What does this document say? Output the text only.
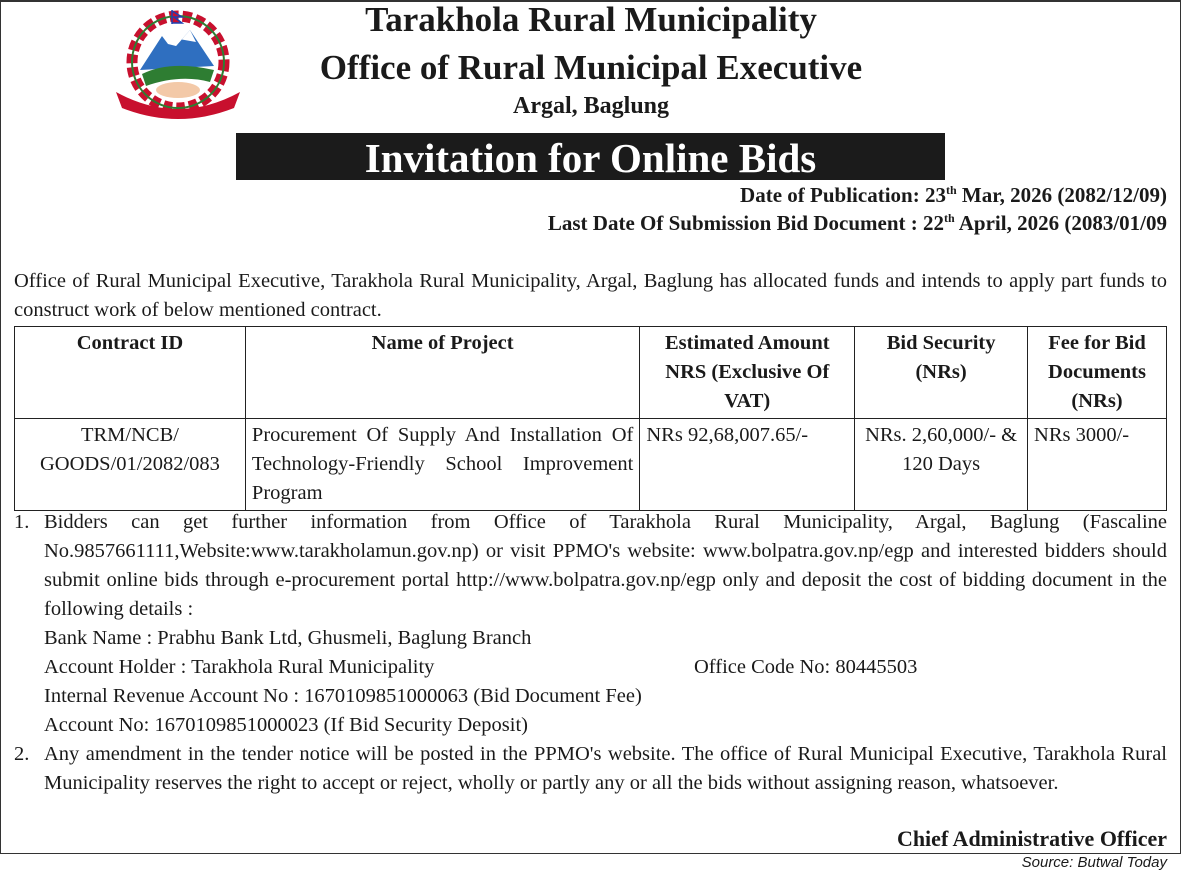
Tarakhola Rural Municipality
Office of Rural Municipal Executive
Argal, Baglung
Invitation for Online Bids
Date of Publication: 23th Mar, 2026 (2082/12/09)
Last Date Of Submission Bid Document : 22th April, 2026 (2083/01/09
Office of Rural Municipal Executive, Tarakhola Rural Municipality, Argal, Baglung has allocated funds and intends to apply part funds to construct work of below mentioned contract.
Contract ID	Name of Project	Estimated Amount NRS (Exclusive Of VAT)	Bid Security (NRs)	Fee for Bid Documents (NRs)
TRM/NCB/ GOODS/01/2082/083	Procurement Of Supply And Installation Of Technology-Friendly School Improvement Program	NRs 92,68,007.65/-	NRs. 2,60,000/- & 120 Days	NRs 3000/-
1. Bidders can get further information from Office of Tarakhola Rural Municipality, Argal, Baglung (Fascaline No.9857661111,Website:www.tarakholamun.gov.np) or visit PPMO's website: www.bolpatra.gov.np/egp and interested bidders should submit online bids through e-procurement portal http://www.bolpatra.gov.np/egp only and deposit the cost of bidding document in the following details :
Bank Name : Prabhu Bank Ltd, Ghusmeli, Baglung Branch
Account Holder : Tarakhola Rural Municipality	Office Code No: 80445503
Internal Revenue Account No : 1670109851000063 (Bid Document Fee)
Account No: 1670109851000023 (If Bid Security Deposit)
2. Any amendment in the tender notice will be posted in the PPMO's website. The office of Rural Municipal Executive, Tarakhola Rural Municipality reserves the right to accept or reject, wholly or partly any or all the bids without assigning reason, whatsoever.
Chief Administrative Officer
Source: Butwal Today
